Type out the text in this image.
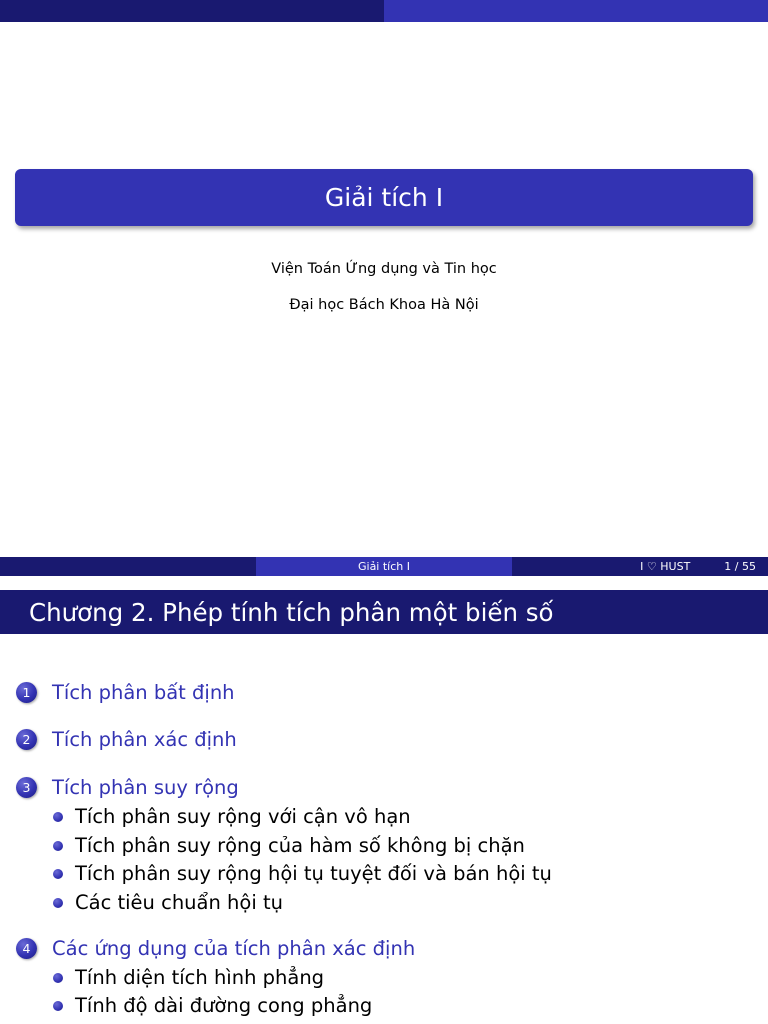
Giải tích I
Viện Toán Ứng dụng và Tin học
Đại học Bách Khoa Hà Nội
Giải tích I	I ♡ HUST	1 / 55
Chương 2. Phép tính tích phân một biến số
1	Tích phân bất định
2	Tích phân xác định
3	Tích phân suy rộng
Tích phân suy rộng với cận vô hạn
Tích phân suy rộng của hàm số không bị chặn
Tích phân suy rộng hội tụ tuyệt đối và bán hội tụ
Các tiêu chuẩn hội tụ
4	Các ứng dụng của tích phân xác định
Tính diện tích hình phẳng
Tính độ dài đường cong phẳng
